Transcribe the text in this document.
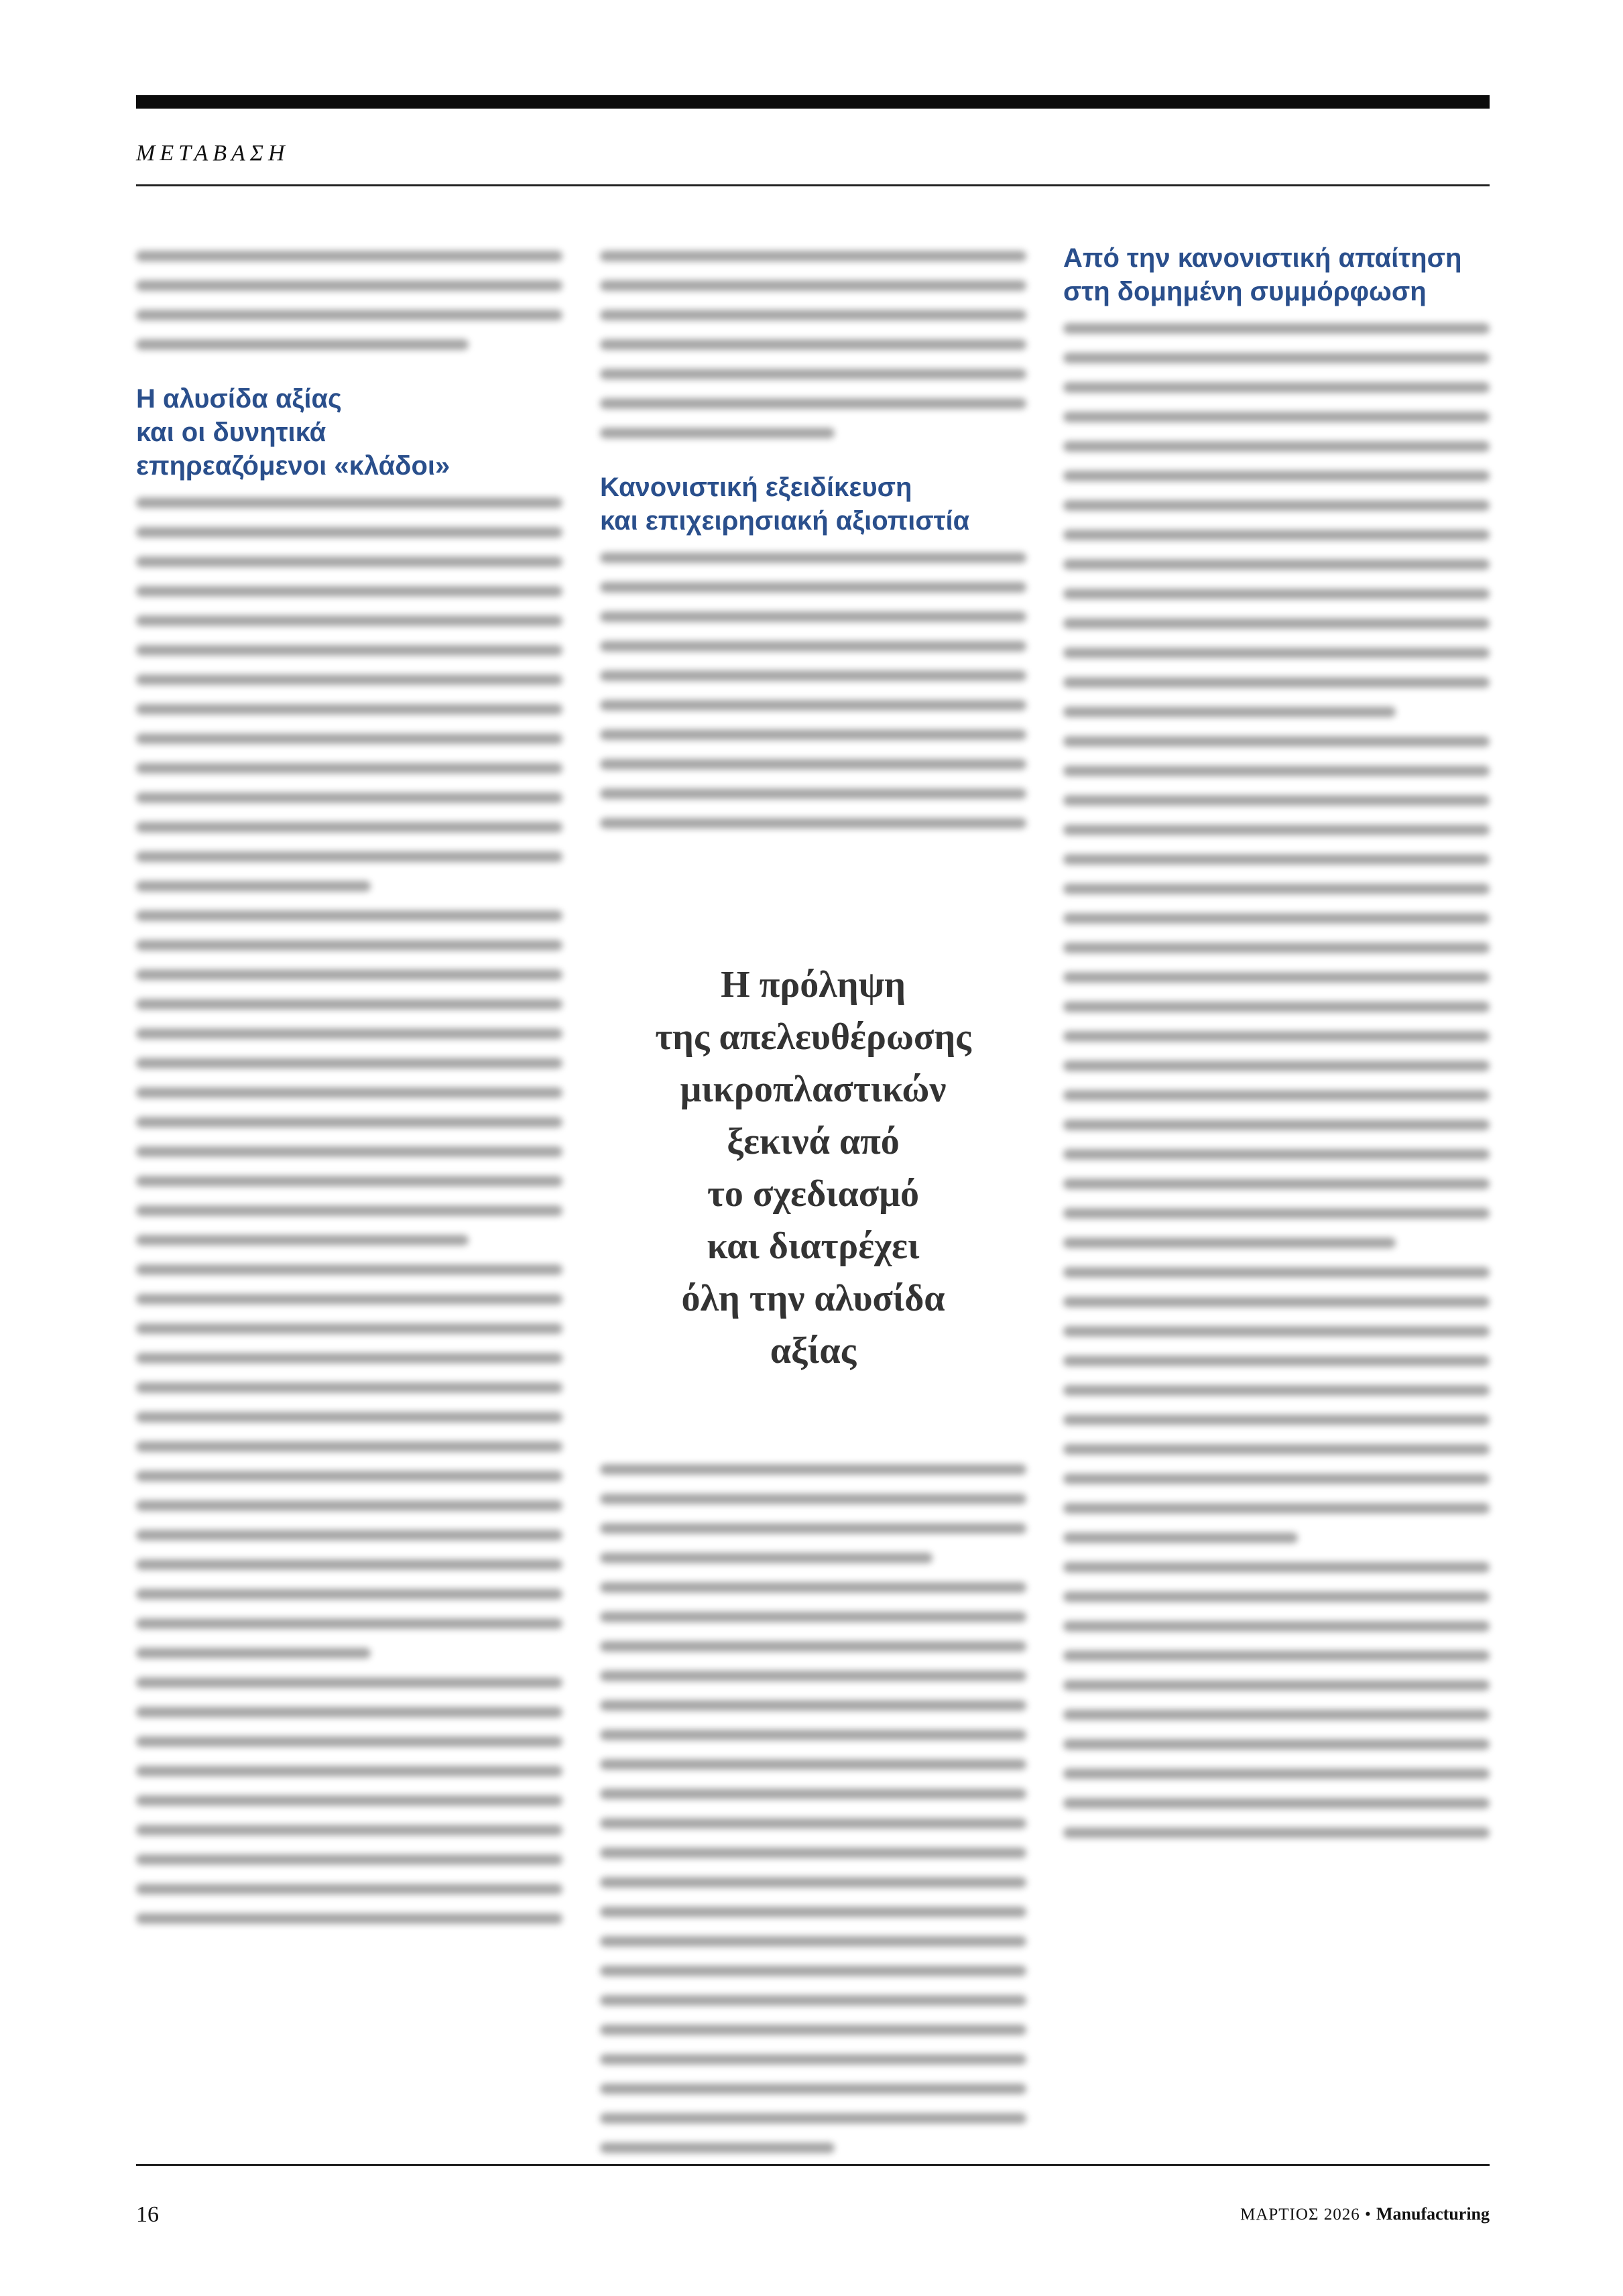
ΜΕΤΑΒΑΣΗ
Η αλυσίδα αξίας
και οι δυνητικά
επηρεαζόμενοι «κλάδοι»
Κανονιστική εξειδίκευση
και επιχειρησιακή αξιοπιστία
Η πρόληψη
της απελευθέρωσης
μικροπλαστικών
ξεκινά από
το σχεδιασμό
και διατρέχει
όλη την αλυσίδα
αξίας
Από την κανονιστική απαίτηση
στη δομημένη συμμόρφωση
16	ΜΑΡΤΙΟΣ 2026 • Manufacturing
